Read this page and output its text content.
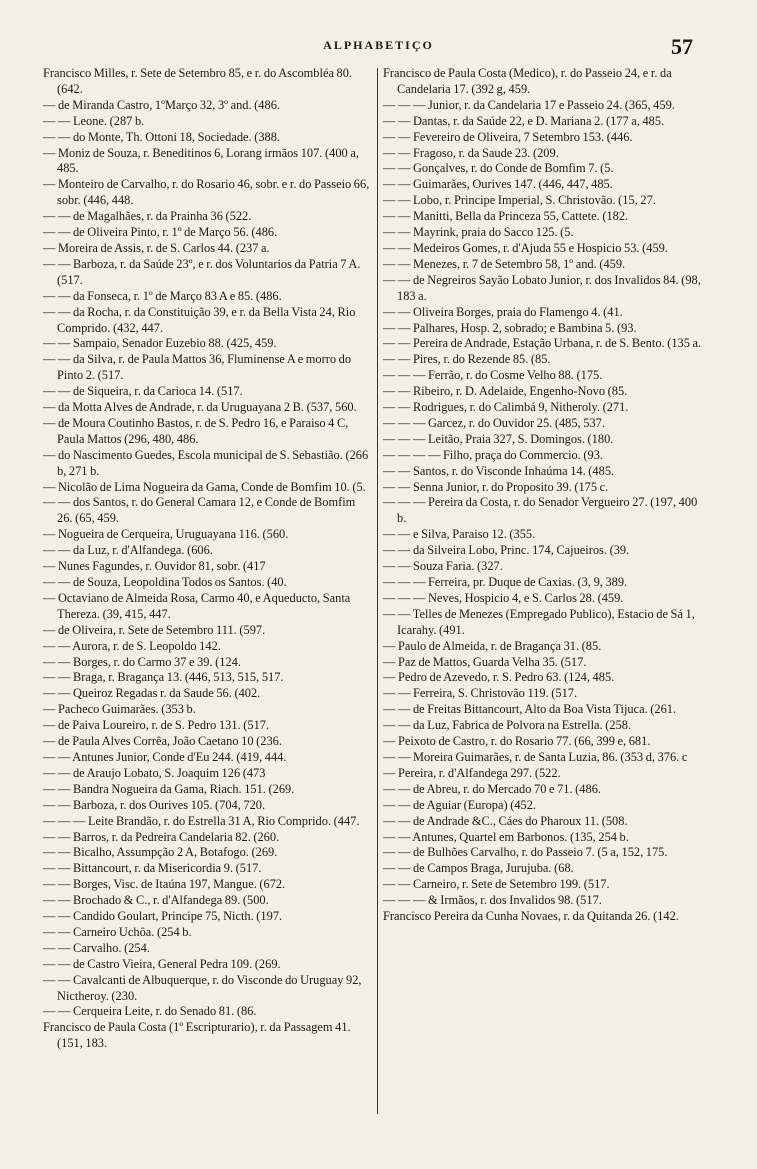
ALPHABETIÇO	57

Francisco Milles, r. Sete de Setembro 85, e r. do Ascombléa 80. (642.

— de Miranda Castro, 1ºMarço 32, 3º and. (486.

— — Leone. (287 b.

— — do Monte, Th. Ottoni 18, Sociedade. (388.

— Moniz de Souza, r. Beneditinos 6, Lorang irmãos 107. (400 a, 485.

— Monteiro de Carvalho, r. do Rosario 46, sobr. e r. do Passeio 66, sobr. (446, 448.

— — de Magalhães, r. da Prainha 36 (522.

— — de Oliveira Pinto, r. 1º de Março 56. (486.

— Moreira de Assis, r. de S. Carlos 44. (237 a.

— — Barboza, r. da Saúde 23º, e r. dos Voluntarios da Patria 7 A. (517.

— — da Fonseca, r. 1º de Março 83 A e 85. (486.

— — da Rocha, r. da Constituição 39, e r. da Bella Vista 24, Rio Comprido. (432, 447.

— — Sampaio, Senador Euzebio 88. (425, 459.

— — da Silva, r. de Paula Mattos 36, Fluminense A e morro do Pinto 2. (517.

— — de Siqueira, r. da Carioca 14. (517.

— da Motta Alves de Andrade, r. da Uruguayana 2 B. (537, 560.

— de Moura Coutinho Bastos, r. de S. Pedro 16, e Paraiso 4 C, Paula Mattos (296, 480, 486.

— do Nascimento Guedes, Escola municipal de S. Sebastião. (266 b, 271 b.

— Nicolão de Lima Nogueira da Gama, Conde de Bomfim 10. (5.

— — dos Santos, r. do General Camara 12, e Conde de Bomfim 26. (65, 459.

— Nogueira de Cerqueira, Uruguayana 116. (560.

— — da Luz, r. d'Alfandega. (606.

— Nunes Fagundes, r. Ouvidor 81, sobr. (417

— — de Souza, Leopoldina Todos os Santos. (40.

— Octaviano de Almeida Rosa, Carmo 40, e Aqueducto, Santa Thereza. (39, 415, 447.

— de Oliveira, r. Sete de Setembro 111. (597.

— — Aurora, r. de S. Leopoldo 142.

— — Borges, r. do Carmo 37 e 39. (124.

— — Braga, r. Bragança 13. (446, 513, 515, 517.

— — Queiroz Regadas r. da Saude 56. (402.

— Pacheco Guimarães. (353 b.

— de Paiva Loureiro, r. de S. Pedro 131. (517.

— de Paula Alves Corrêa, João Caetano 10 (236.

— — Antunes Junior, Conde d'Eu 244. (419, 444.

— — de Araujo Lobato, S. Joaquim 126 (473

— — Bandra Nogueira da Gama, Riach. 151. (269.

— — Barboza, r. dos Ourives 105. (704, 720.

— — — Leite Brandão, r. do Estrella 31 A, Rio Comprido. (447.

— — Barros, r. da Pedreira Candelaria 82. (260.

— — Bicalho, Assumpção 2 A, Botafogo. (269.

— — Bittancourt, r. da Misericordia 9. (517.

— — Borges, Visc. de Itaúna 197, Mangue. (672.

— — Brochado & C., r. d'Alfandega 89. (500.

— — Candido Goulart, Principe 75, Nicth. (197.

— — Carneiro Uchôa. (254 b.

— — Carvalho. (254.

— — de Castro Vieira, General Pedra 109. (269.

— — Cavalcanti de Albuquerque, r. do Visconde do Uruguay 92, Nictheroy. (230.

— — Cerqueira Leite, r. do Senado 81. (86.

Francisco de Paula Costa (1º Escripturario), r. da Passagem 41. (151, 183.

Francisco de Paula Costa (Medico), r. do Passeio 24, e r. da Candelaria 17. (392 g, 459.

— — — Junior, r. da Candelaria 17 e Passeio 24. (365, 459.

— — Dantas, r. da Saúde 22, e D. Mariana 2. (177 a, 485.

— — Fevereiro de Oliveira, 7 Setembro 153. (446.

— — Fragoso, r. da Saude 23. (209.

— — Gonçalves, r. do Conde de Bomfim 7. (5.

— — Guimarães, Ourives 147. (446, 447, 485.

— — Lobo, r. Principe Imperial, S. Christovão. (15, 27.

— — Manitti, Bella da Princeza 55, Cattete. (182.

— — Mayrink, praia do Sacco 125. (5.

— — Medeiros Gomes, r. d'Ajuda 55 e Hospicio 53. (459.

— — Menezes, r. 7 de Setembro 58, 1º and. (459.

— — de Negreiros Sayão Lobato Junior, r. dos Invalidos 84. (98, 183 a.

— — Oliveira Borges, praia do Flamengo 4. (41.

— — Palhares, Hosp. 2, sobrado; e Bambina 5. (93.

— — Pereira de Andrade, Estação Urbana, r. de S. Bento. (135 a.

— — Pires, r. do Rezende 85. (85.

— — — Ferrão, r. do Cosme Velho 88. (175.

— — Ribeiro, r. D. Adelaide, Engenho-Novo (85.

— — Rodrigues, r. do Calimbá 9, Nitheroly. (271.

— — — Garcez, r. do Ouvidor 25. (485, 537.

— — — Leitão, Praia 327, S. Domingos. (180.

— — — — Filho, praça do Commercio. (93.

— — Santos, r. do Visconde Inhaúma 14. (485.

— — Senna Junior, r. do Proposito 39. (175 c.

— — — Pereira da Costa, r. do Senador Vergueiro 27. (197, 400 b.

— — e Silva, Paraiso 12. (355.

— — da Silveira Lobo, Princ. 174, Cajueiros. (39.

— — Souza Faria. (327.

— — — Ferreira, pr. Duque de Caxias. (3, 9, 389.

— — — Neves, Hospicio 4, e S. Carlos 28. (459.

— — Telles de Menezes (Empregado Publico), Estacio de Sá 1, Icarahy. (491.

— Paulo de Almeida, r. de Bragança 31. (85.

— Paz de Mattos, Guarda Velha 35. (517.

— Pedro de Azevedo, r. S. Pedro 63. (124, 485.

— — Ferreira, S. Christovão 119. (517.

— — de Freitas Bittancourt, Alto da Boa Vista Tijuca. (261.

— — da Luz, Fabrica de Polvora na Estrella. (258.

— Peixoto de Castro, r. do Rosario 77. (66, 399 e, 681.

— — Moreira Guimarães, r. de Santa Luzia, 86. (353 d, 376. c

— Pereira, r. d'Alfandega 297. (522.

— — de Abreu, r. do Mercado 70 e 71. (486.

— — de Aguiar (Europa) (452.

— — de Andrade &C., Cáes do Pharoux 11. (508.

— — Antunes, Quartel em Barbonos. (135, 254 b.

— — de Bulhões Carvalho, r. do Passeio 7. (5 a, 152, 175.

— — de Campos Braga, Jurujuba. (68.

— — Carneiro, r. Sete de Setembro 199. (517.

— — — & Irmãos, r. dos Invalidos 98. (517.

Francisco Pereira da Cunha Novaes, r. da Quitanda 26. (142.
